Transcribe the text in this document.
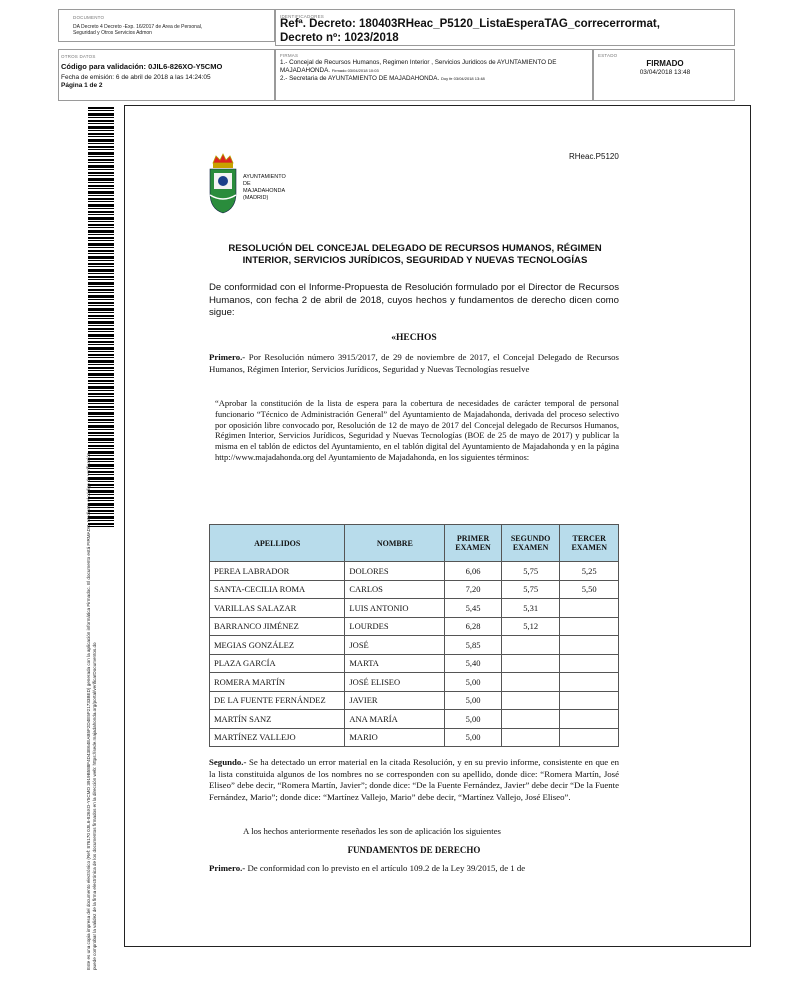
DOCUMENTO
DA Decreto 4 Decreto -Exp. 16/2017 de Area de Personal, Seguridad y Otros Servicios Admon
IDENTIFICADORES
Refª. Decreto: 180403RHeac_P5120_ListaEsperaTAG_correcerrormat,
Decreto nº: 1023/2018
OTROS DATOS
Código para validación: 0JIL6-826XO-Y5CMO
Fecha de emisión: 6 de abril de 2018 a las 14:24:05
Página 1 de 2
FIRMAS
1.- Concejal de Recursos Humanos, Regimen Interior , Servicios Juridicos de AYUNTAMIENTO DE MAJADAHONDA. Firmado 03/04/2018 10:03
2.- Secretaria de AYUNTAMIENTO DE MAJADAHONDA. Doy fe 03/04/2018 13:48
ESTADO
FIRMADO
03/04/2018 13:48
Este es una copia impresa del documento electrónico (Ref: 876170 0JIL6-826XO-Y5CMO 3919B588F4D43E64EAB5F2D4E5F21733BED) generada con la aplicación informática Firmadoc. El documento está FIRMADO. Mediante el código de verificación puede comprobar la validez de la firma electrónica de los documentos firmados en la dirección web: https://sede.majadahonda.org/portal/verificarDocumentos.do
RHeac.P5120
AYUNTAMIENTO
DE
MAJADAHONDA
(MADRID)
RESOLUCIÓN DEL CONCEJAL DELEGADO DE RECURSOS HUMANOS, RÉGIMEN
INTERIOR, SERVICIOS JURÍDICOS, SEGURIDAD Y NUEVAS TECNOLOGÍAS
De conformidad con el Informe-Propuesta de Resolución formulado por el Director de Recursos Humanos, con fecha 2 de abril de 2018, cuyos hechos y fundamentos de derecho dicen como sigue:
«HECHOS
Primero.- Por Resolución número 3915/2017, de 29 de noviembre de 2017, el Concejal Delegado de Recursos Humanos, Régimen Interior, Servicios Jurídicos, Seguridad y Nuevas Tecnologías resuelve
“Aprobar la constitución de la lista de espera para la cobertura de necesidades de carácter temporal de personal funcionario “Técnico de Administración General” del Ayuntamiento de Majadahonda, derivada del proceso selectivo por oposición libre convocado por, Resolución de 12 de mayo de 2017 del Concejal delegado de Recursos Humanos, Régimen Interior, Servicios Jurídicos, Seguridad y Nuevas Tecnologías (BOE de 25 de mayo de 2017) y publicar la misma en el tablón de edictos del Ayuntamiento, en el tablón digital del Ayuntamiento de Majadahonda y en la página http://www.majadahonda.org del Ayuntamiento de Majadahonda, en los siguientes términos:
APELLIDOS	NOMBRE	PRIMER EXAMEN	SEGUNDO EXAMEN	TERCER EXAMEN
PEREA LABRADOR	DOLORES	6,06	5,75	5,25
SANTA-CECILIA ROMA	CARLOS	7,20	5,75	5,50
VARILLAS SALAZAR	LUIS ANTONIO	5,45	5,31	
BARRANCO JIMÉNEZ	LOURDES	6,28	5,12	
MEGIAS GONZÁLEZ	JOSÉ	5,85		
PLAZA GARCÍA	MARTA	5,40		
ROMERA MARTÍN	JOSÉ ELISEO	5,00		
DE LA FUENTE FERNÁNDEZ	JAVIER	5,00		
MARTÍN SANZ	ANA MARÍA	5,00		
MARTÍNEZ VALLEJO	MARIO	5,00		
Segundo.- Se ha detectado un error material en la citada Resolución, y en su previo informe, consistente en que en la lista constituida algunos de los nombres no se corresponden con su apellido, donde dice: “Romera Martín, José Eliseo” debe decir, “Romera Martín, Javier”; donde dice: “De la Fuente Fernández, Javier” debe decir “De la Fuente Fernández, Mario”; donde dice: “Martínez Vallejo, Mario” debe decir, “Martínez Vallejo, José Eliseo”.
A los hechos anteriormente reseñados les son de aplicación los siguientes
FUNDAMENTOS DE DERECHO
Primero.- De conformidad con lo previsto en el artículo 109.2 de la Ley 39/2015, de 1 de
